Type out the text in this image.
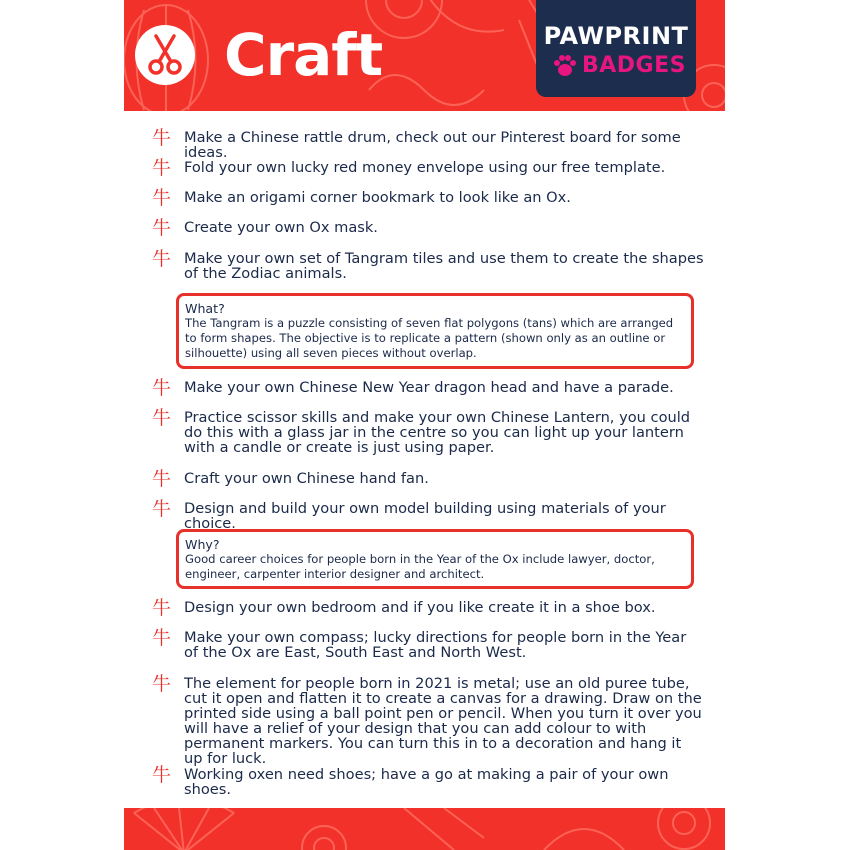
Craft	PAWPRINT
BADGES
牛 Make a Chinese rattle drum, check out our Pinterest board for some ideas.
牛 Fold your own lucky red money envelope using our free template.
牛 Make an origami corner bookmark to look like an Ox.
牛 Create your own Ox mask.
牛 Make your own set of Tangram tiles and use them to create the shapes of the Zodiac animals.
What?
The Tangram is a puzzle consisting of seven flat polygons (tans) which are arranged to form shapes. The objective is to replicate a pattern (shown only as an outline or silhouette) using all seven pieces without overlap.
牛 Make your own Chinese New Year dragon head and have a parade.
牛 Practice scissor skills and make your own Chinese Lantern, you could do this with a glass jar in the centre so you can light up your lantern with a candle or create is just using paper.
牛 Craft your own Chinese hand fan.
牛 Design and build your own model building using materials of your choice.
Why?
Good career choices for people born in the Year of the Ox include lawyer, doctor, engineer, carpenter interior designer and architect.
牛 Design your own bedroom and if you like create it in a shoe box.
牛 Make your own compass; lucky directions for people born in the Year of the Ox are East, South East and North West.
牛 The element for people born in 2021 is metal; use an old puree tube, cut it open and flatten it to create a canvas for a drawing. Draw on the printed side using a ball point pen or pencil. When you turn it over you will have a relief of your design that you can add colour to with permanent markers. You can turn this in to a decoration and hang it up for luck.
牛 Working oxen need shoes; have a go at making a pair of your own shoes.
